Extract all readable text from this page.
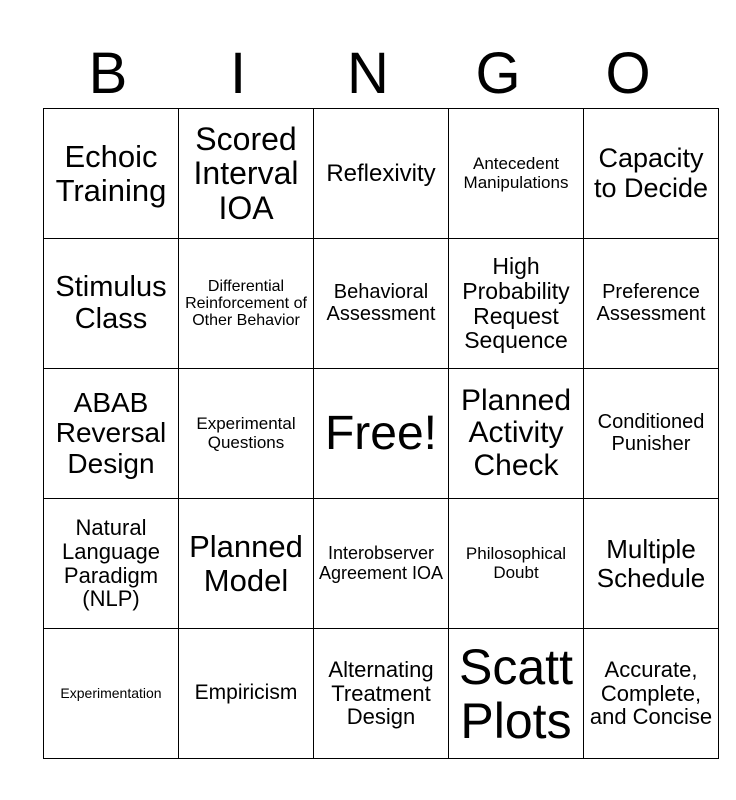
B	I	N	G	O
Echoic Training	Scored Interval IOA	Reflexivity	Antecedent Manipulations	Capacity to Decide

Stimulus Class	Differential Reinforcement of Other Behavior	Behavioral Assessment	High Probability Request Sequence	Preference Assessment

ABAB Reversal Design	Experimental Questions	Free!	Planned Activity Check	Conditioned Punisher

Natural Language Paradigm (NLP)	Planned Model	Interobserver Agreement IOA	Philosophical Doubt	Multiple Schedule

Experimentation	Empiricism	Alternating Treatment Design	Scatt Plots	Accurate, Complete, and Concise
